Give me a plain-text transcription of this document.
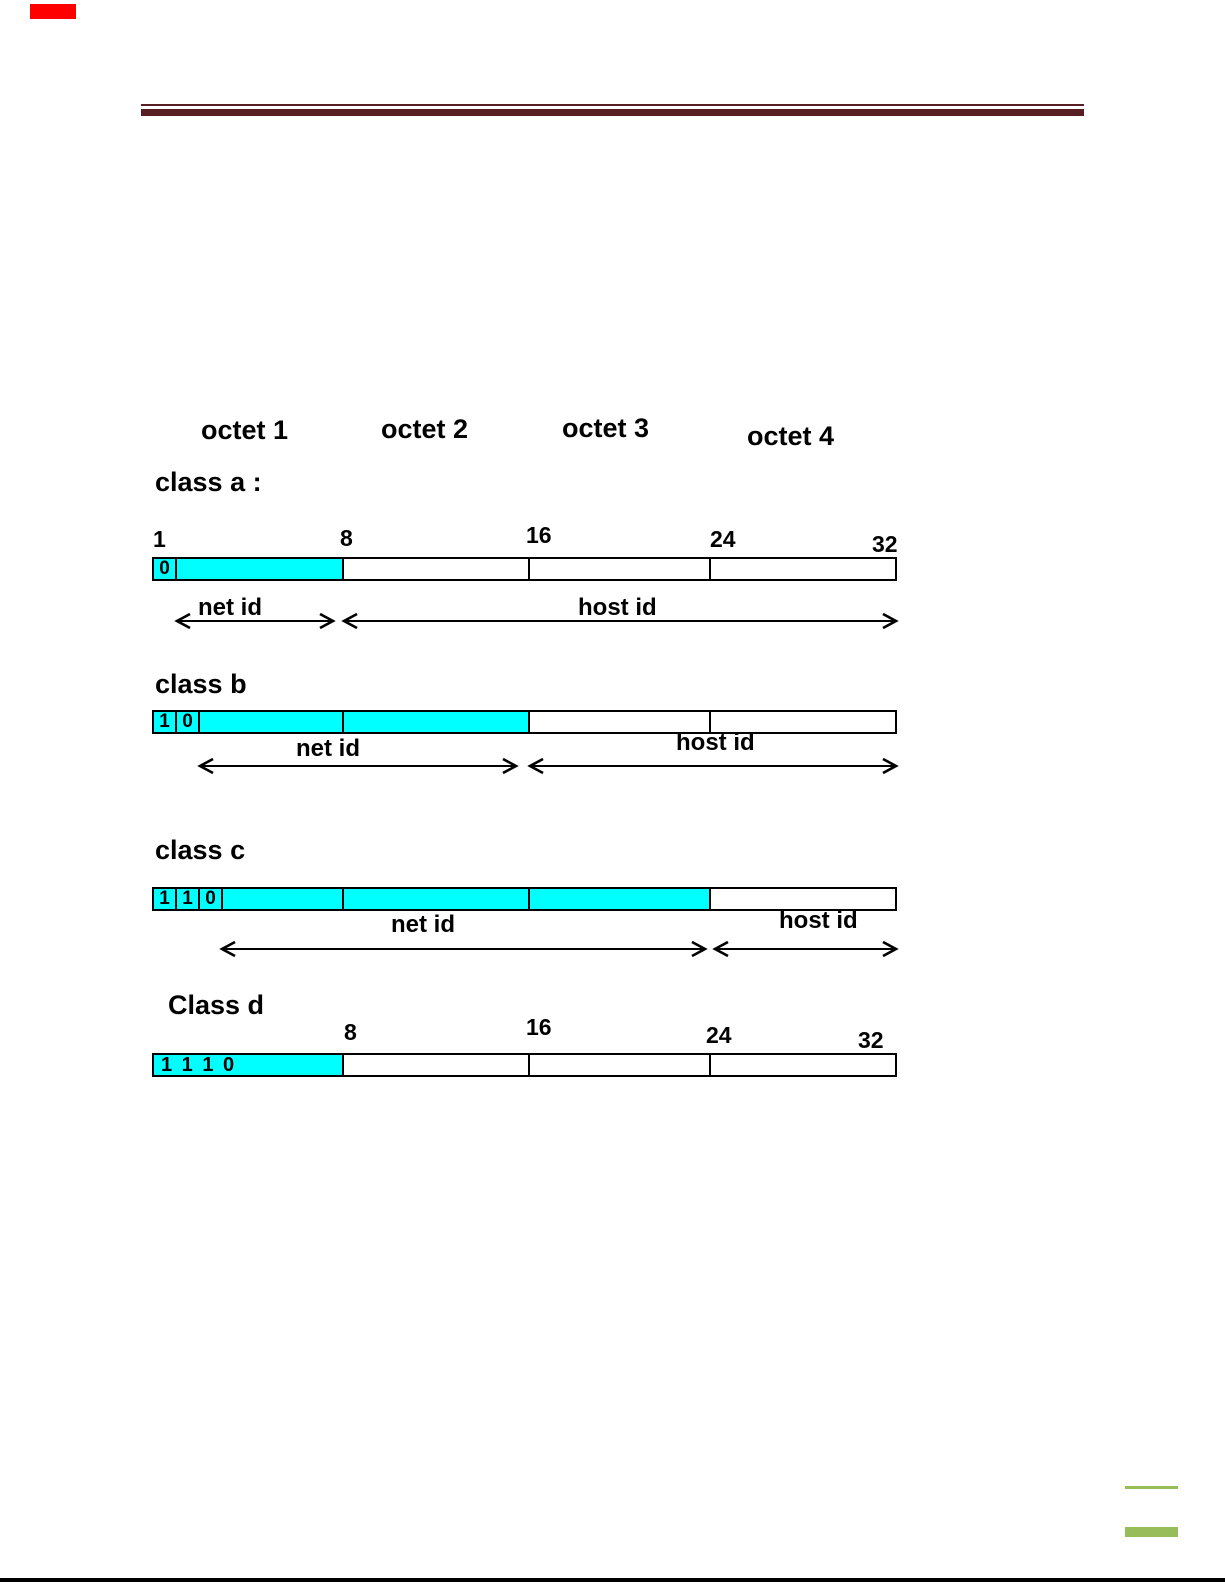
octet 1	octet 2	octet 3	octet 4
class a :
1	8	16	24	32
0
net id	host id
class b
1 0
net id	host id
class c
1 1 0
net id	host id
Class d
8	16	24	32
1 1 1 0
